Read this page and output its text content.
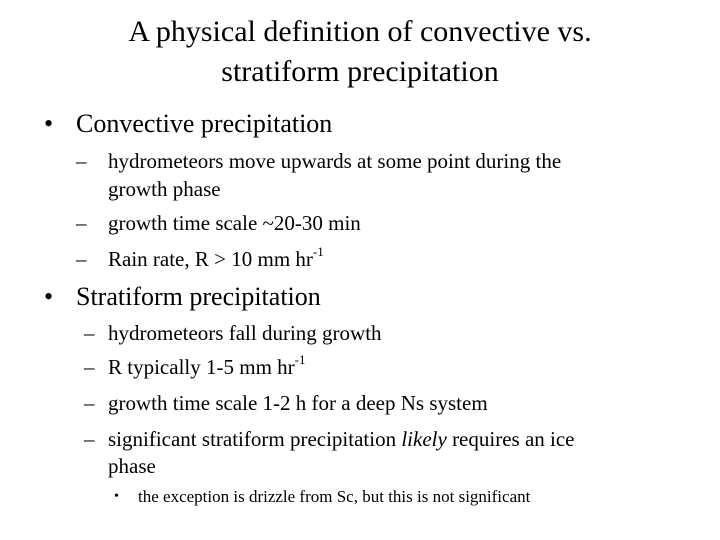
A physical definition of convective vs.
stratiform precipitation
• Convective precipitation
– hydrometeors move upwards at some point during the
growth phase
– growth time scale ~20-30 min
– Rain rate, R > 10 mm $hr^{-1}$
• Stratiform precipitation
– hydrometeors fall during growth
– R typically 1-5 mm $hr^{-1}$
– growth time scale 1-2 h for a deep Ns system
– significant stratiform precipitation likely requires an ice
phase
• the exception is drizzle from Sc, but this is not significant
